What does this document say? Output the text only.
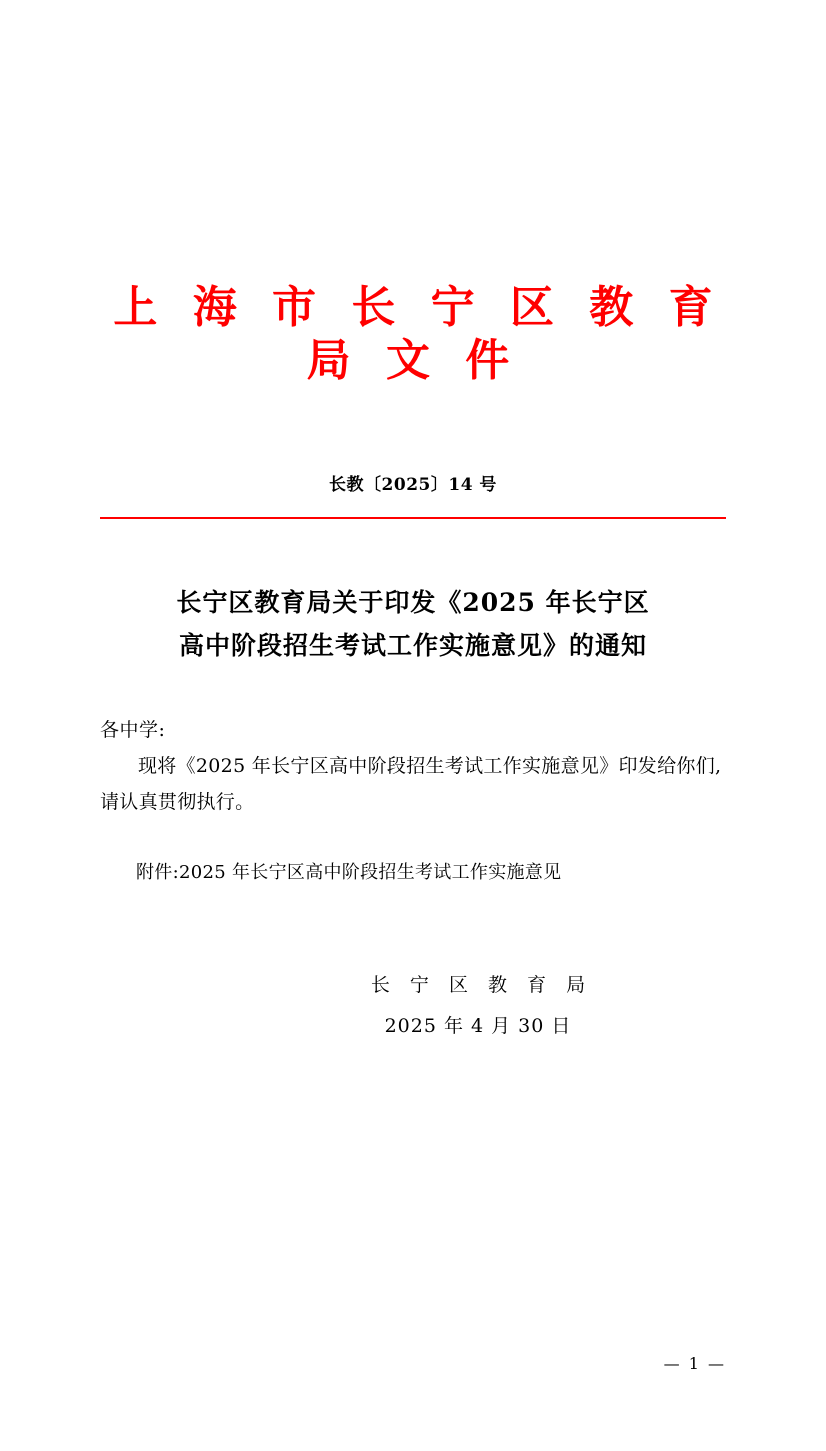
上 海 市 长 宁 区 教 育 局 文 件
长教〔2025〕14 号
长宁区教育局关于印发《2025 年长宁区
高中阶段招生考试工作实施意见》的通知
各中学:

现将《2025 年长宁区高中阶段招生考试工作实施意见》印发给你们,请认真贯彻执行。

附件:2025 年长宁区高中阶段招生考试工作实施意见
长 宁 区 教 育 局
2025 年 4 月 30 日
— 1 —
